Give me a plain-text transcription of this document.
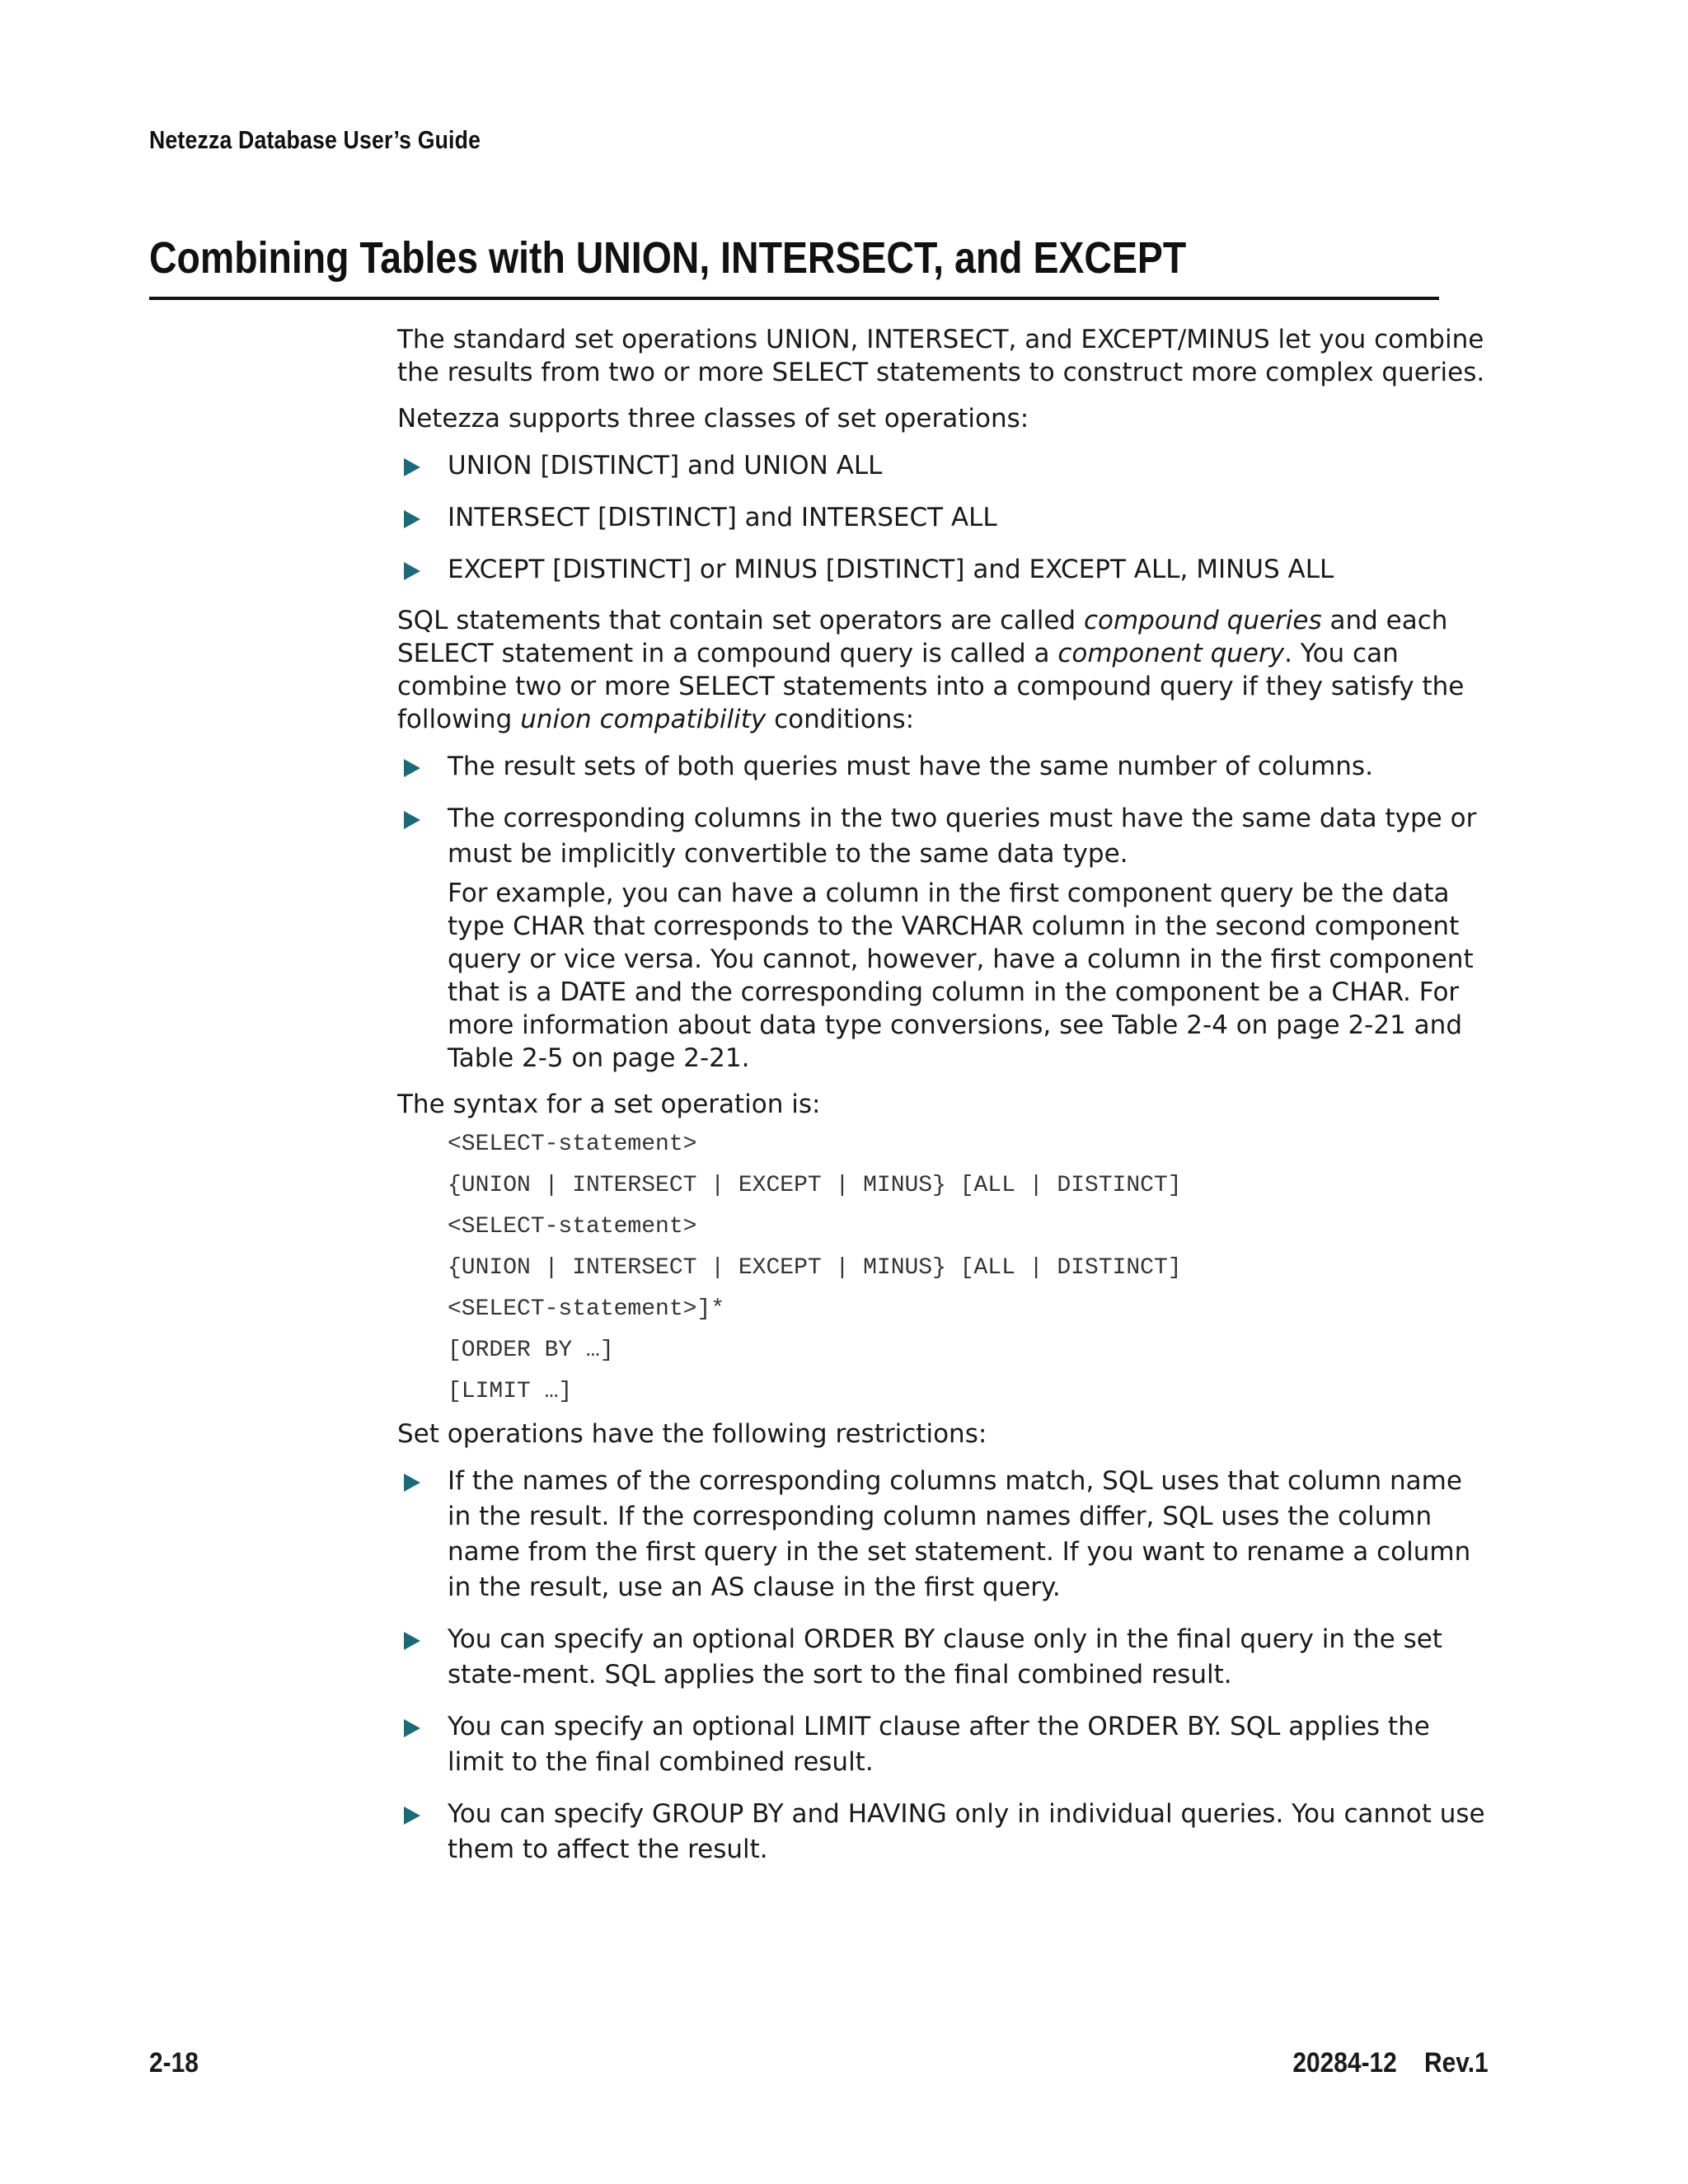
Netezza Database User’s Guide
Combining Tables with UNION, INTERSECT, and EXCEPT

The standard set operations UNION, INTERSECT, and EXCEPT/MINUS let you combine the results from two or more SELECT statements to construct more complex queries.

Netezza supports three classes of set operations:

UNION [DISTINCT] and UNION ALL
INTERSECT [DISTINCT] and INTERSECT ALL
EXCEPT [DISTINCT] or MINUS [DISTINCT] and EXCEPT ALL, MINUS ALL

SQL statements that contain set operators are called compound queries and each SELECT statement in a compound query is called a component query. You can combine two or more SELECT statements into a compound query if they satisfy the following union compatibility conditions:

The result sets of both queries must have the same number of columns.
The corresponding columns in the two queries must have the same data type or must be implicitly convertible to the same data type.

For example, you can have a column in the first component query be the data type CHAR that corresponds to the VARCHAR column in the second component query or vice versa. You cannot, however, have a column in the first component that is a DATE and the corresponding column in the component be a CHAR. For more information about data type conversions, see Table 2-4 on page 2-21 and Table 2-5 on page 2-21.

The syntax for a set operation is:

<SELECT-statement>
{UNION | INTERSECT | EXCEPT | MINUS} [ALL | DISTINCT]
<SELECT-statement>
{UNION | INTERSECT | EXCEPT | MINUS} [ALL | DISTINCT]
<SELECT-statement>]*
[ORDER BY …]
[LIMIT …]

Set operations have the following restrictions:

If the names of the corresponding columns match, SQL uses that column name in the result. If the corresponding column names differ, SQL uses the column name from the first query in the set statement. If you want to rename a column in the result, use an AS clause in the first query.
You can specify an optional ORDER BY clause only in the final query in the set state-ment. SQL applies the sort to the final combined result.
You can specify an optional LIMIT clause after the ORDER BY. SQL applies the limit to the final combined result.
You can specify GROUP BY and HAVING only in individual queries. You cannot use them to affect the result.
2-18	20284-12    Rev.1
